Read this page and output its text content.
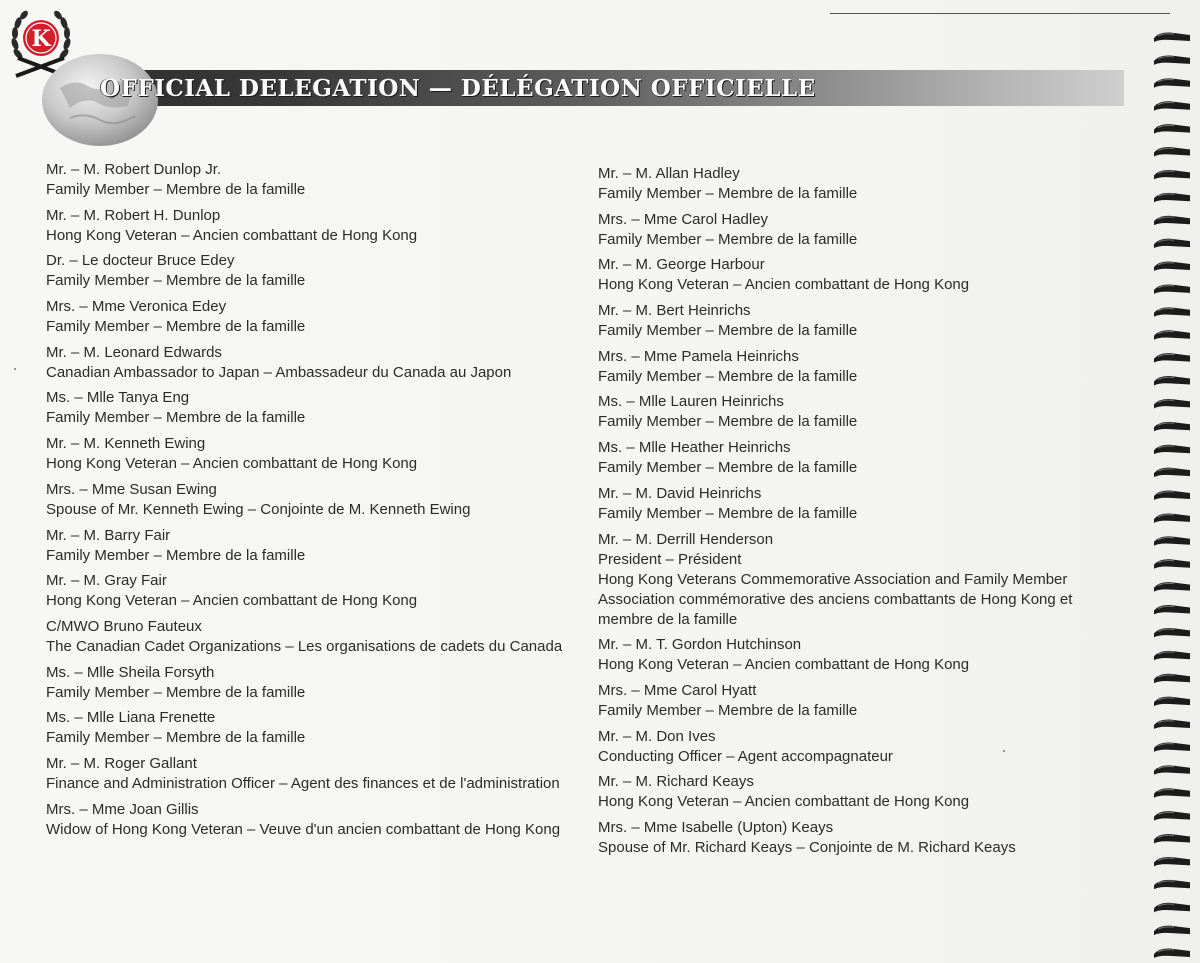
K
OFFICIAL DELEGATION — DÉLÉGATION OFFICIELLE
Mr. – M. Robert Dunlop Jr.
Family Member – Membre de la famille
Mr. – M. Robert H. Dunlop
Hong Kong Veteran – Ancien combattant de Hong Kong
Dr. – Le docteur Bruce Edey
Family Member – Membre de la famille
Mrs. – Mme Veronica Edey
Family Member – Membre de la famille
Mr. – M. Leonard Edwards
Canadian Ambassador to Japan – Ambassadeur du Canada au Japon
Ms. – Mlle Tanya Eng
Family Member – Membre de la famille
Mr. – M. Kenneth Ewing
Hong Kong Veteran – Ancien combattant de Hong Kong
Mrs. – Mme Susan Ewing
Spouse of Mr. Kenneth Ewing – Conjointe de M. Kenneth Ewing
Mr. – M. Barry Fair
Family Member – Membre de la famille
Mr. – M. Gray Fair
Hong Kong Veteran – Ancien combattant de Hong Kong
C/MWO Bruno Fauteux
The Canadian Cadet Organizations – Les organisations de cadets du Canada
Ms. – Mlle Sheila Forsyth
Family Member – Membre de la famille
Ms. – Mlle Liana Frenette
Family Member – Membre de la famille
Mr. – M. Roger Gallant
Finance and Administration Officer – Agent des finances et de l'administration
Mrs. – Mme Joan Gillis
Widow of Hong Kong Veteran – Veuve d'un ancien combattant de Hong Kong
Mr. – M. Allan Hadley
Family Member – Membre de la famille
Mrs. – Mme Carol Hadley
Family Member – Membre de la famille
Mr. – M. George Harbour
Hong Kong Veteran – Ancien combattant de Hong Kong
Mr. – M. Bert Heinrichs
Family Member – Membre de la famille
Mrs. – Mme Pamela Heinrichs
Family Member – Membre de la famille
Ms. – Mlle Lauren Heinrichs
Family Member – Membre de la famille
Ms. – Mlle Heather Heinrichs
Family Member – Membre de la famille
Mr. – M. David Heinrichs
Family Member – Membre de la famille
Mr. – M. Derrill Henderson
President – Président
Hong Kong Veterans Commemorative Association and Family Member
Association commémorative des anciens combattants de Hong Kong et membre de la famille
Mr. – M. T. Gordon Hutchinson
Hong Kong Veteran – Ancien combattant de Hong Kong
Mrs. – Mme Carol Hyatt
Family Member – Membre de la famille
Mr. – M. Don Ives
Conducting Officer – Agent accompagnateur
Mr. – M. Richard Keays
Hong Kong Veteran – Ancien combattant de Hong Kong
Mrs. – Mme Isabelle (Upton) Keays
Spouse of Mr. Richard Keays – Conjointe de M. Richard Keays
